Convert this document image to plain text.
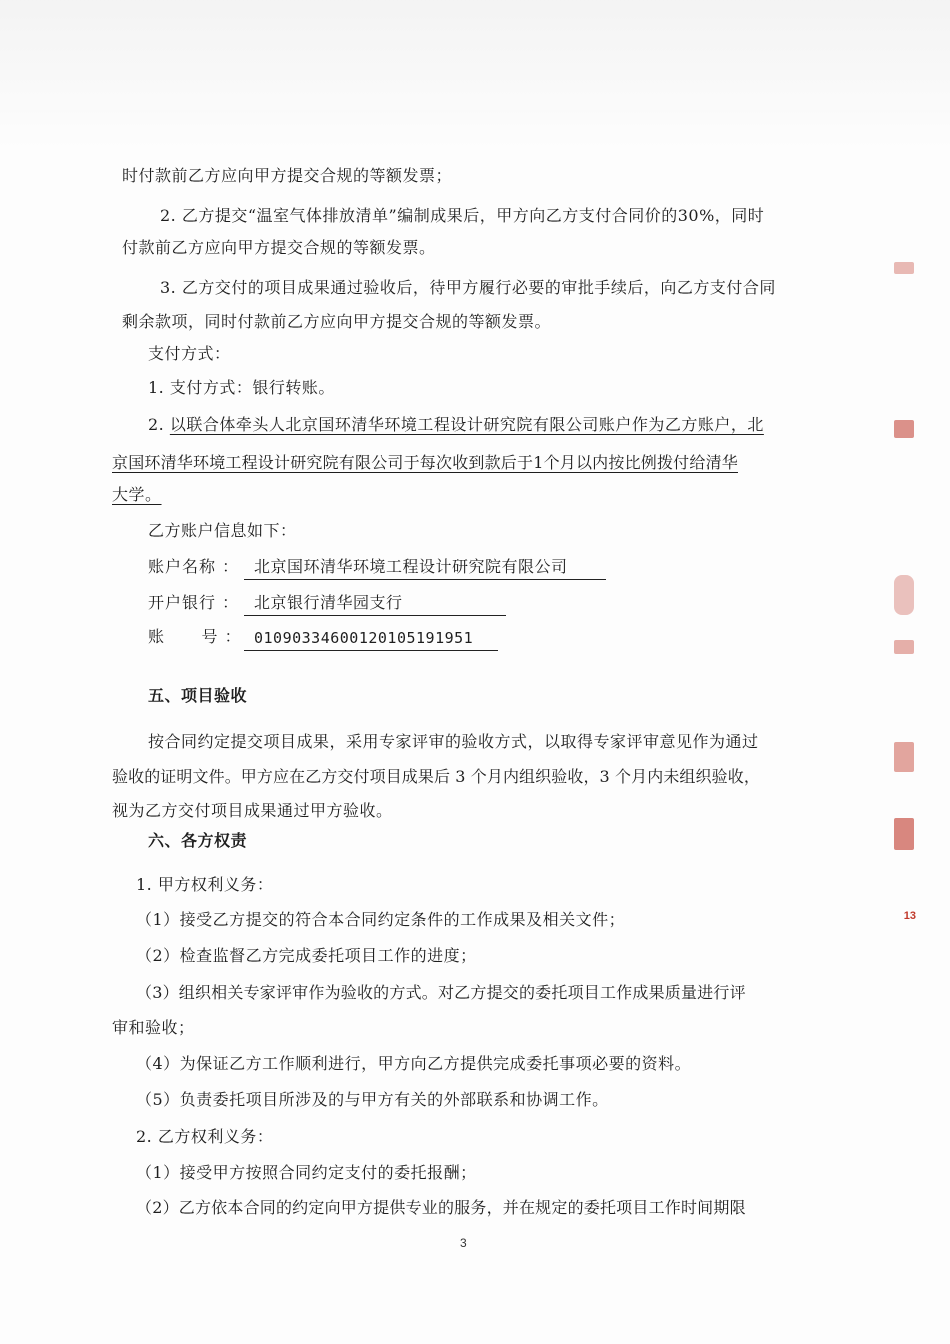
时付款前乙方应向甲方提交合规的等额发票；
2. 乙方提交“温室气体排放清单”编制成果后，甲方向乙方支付合同价的30%，同时
付款前乙方应向甲方提交合规的等额发票。
3. 乙方交付的项目成果通过验收后，待甲方履行必要的审批手续后，向乙方支付合同
剩余款项，同时付款前乙方应向甲方提交合规的等额发票。
支付方式：
1. 支付方式：银行转账。
2. 以联合体牵头人北京国环清华环境工程设计研究院有限公司账户作为乙方账户，北
京国环清华环境工程设计研究院有限公司于每次收到款后于1个月以内按比例拨付给清华
大学。
乙方账户信息如下：
账户名称 ： 北京国环清华环境工程设计研究院有限公司
开户银行 ： 北京银行清华园支行
账      号 ： 01090334600120105191951
五、项目验收
按合同约定提交项目成果，采用专家评审的验收方式，以取得专家评审意见作为通过
验收的证明文件。甲方应在乙方交付项目成果后 3 个月内组织验收，3 个月内未组织验收，
视为乙方交付项目成果通过甲方验收。
六、各方权责
1. 甲方权利义务：
（1）接受乙方提交的符合本合同约定条件的工作成果及相关文件；
（2）检查监督乙方完成委托项目工作的进度；
（3）组织相关专家评审作为验收的方式。对乙方提交的委托项目工作成果质量进行评
审和验收；
（4）为保证乙方工作顺利进行，甲方向乙方提供完成委托事项必要的资料。
（5）负责委托项目所涉及的与甲方有关的外部联系和协调工作。
2. 乙方权利义务：
（1）接受甲方按照合同约定支付的委托报酬；
（2）乙方依本合同的约定向甲方提供专业的服务，并在规定的委托项目工作时间期限
3
13
